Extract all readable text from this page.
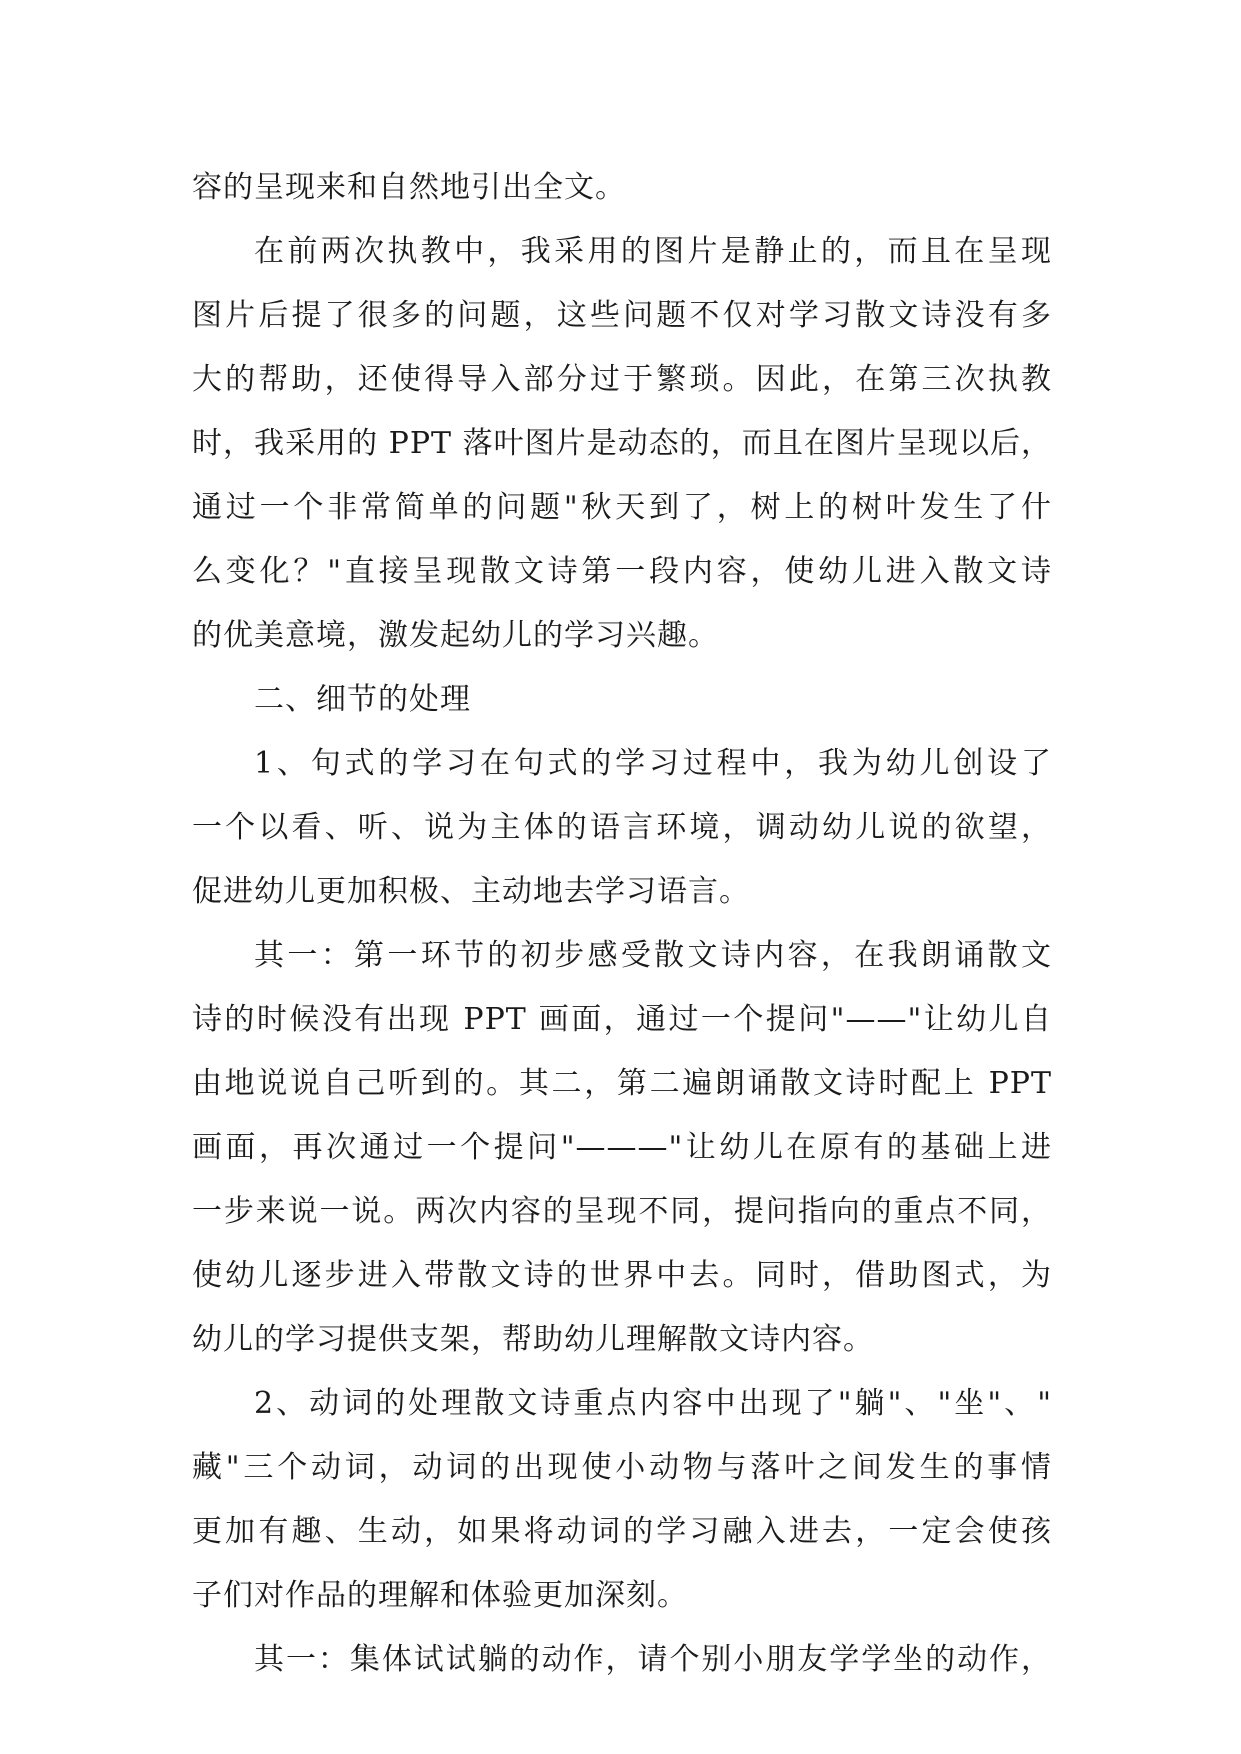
容的呈现来和自然地引出全文。
在前两次执教中，我采用的图片是静止的，而且在呈现
图片后提了很多的问题，这些问题不仅对学习散文诗没有多
大的帮助，还使得导入部分过于繁琐。因此，在第三次执教
时，我采用的 PPT 落叶图片是动态的，而且在图片呈现以后，
通过一个非常简单的问题"秋天到了，树上的树叶发生了什
么变化？"直接呈现散文诗第一段内容，使幼儿进入散文诗
的优美意境，激发起幼儿的学习兴趣。
二、细节的处理
1、句式的学习在句式的学习过程中，我为幼儿创设了
一个以看、听、说为主体的语言环境，调动幼儿说的欲望，
促进幼儿更加积极、主动地去学习语言。
其一：第一环节的初步感受散文诗内容，在我朗诵散文
诗的时候没有出现 PPT 画面，通过一个提问"——"让幼儿自
由地说说自己听到的。其二，第二遍朗诵散文诗时配上 PPT
画面，再次通过一个提问"———"让幼儿在原有的基础上进
一步来说一说。两次内容的呈现不同，提问指向的重点不同，
使幼儿逐步进入带散文诗的世界中去。同时，借助图式，为
幼儿的学习提供支架，帮助幼儿理解散文诗内容。
2、动词的处理散文诗重点内容中出现了"躺"、"坐"、"
藏"三个动词，动词的出现使小动物与落叶之间发生的事情
更加有趣、生动，如果将动词的学习融入进去，一定会使孩
子们对作品的理解和体验更加深刻。
其一：集体试试躺的动作，请个别小朋友学学坐的动作，
